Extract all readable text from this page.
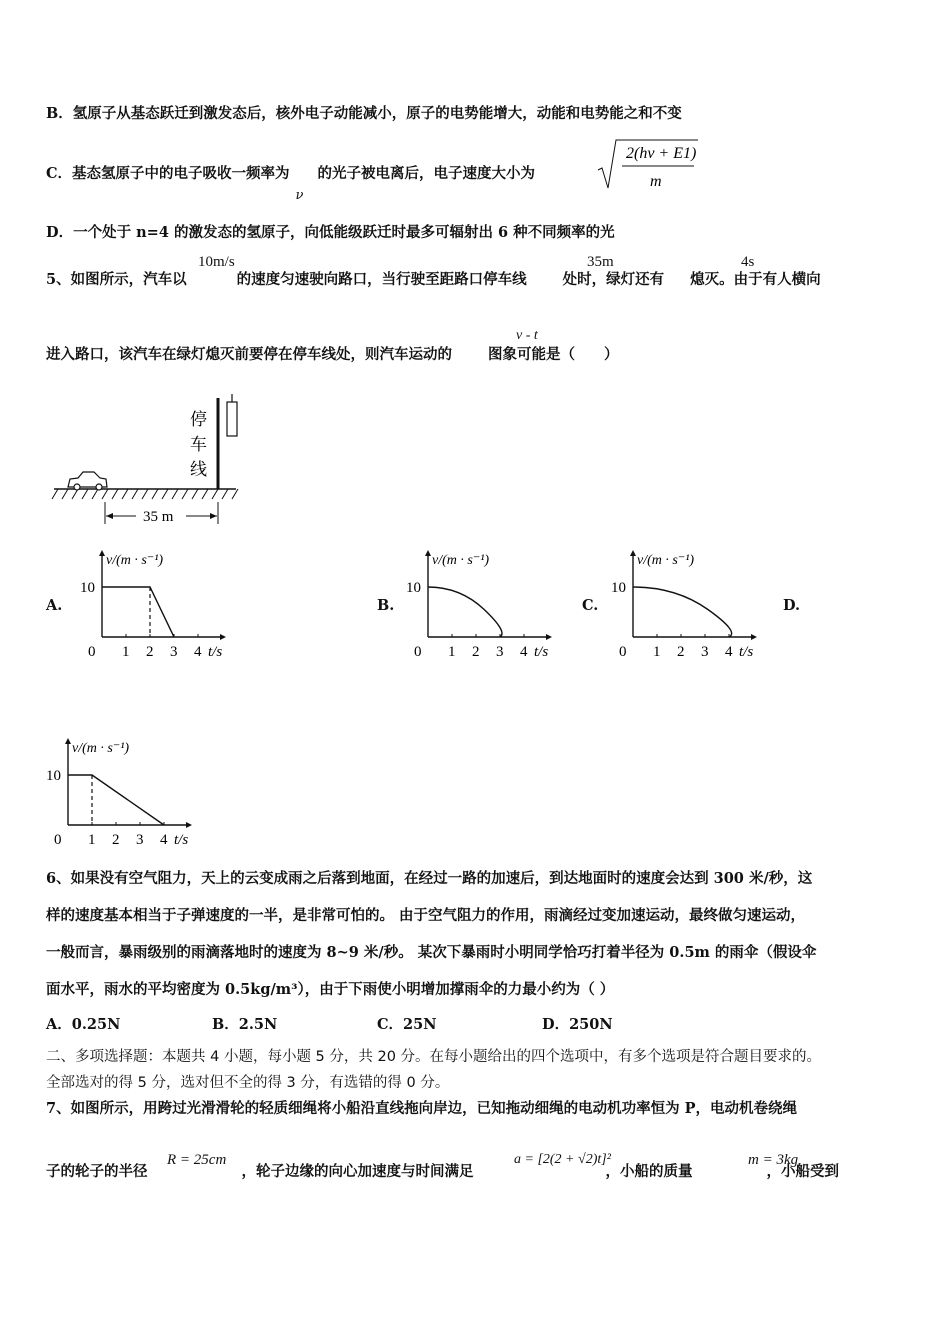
B．氢原子从基态跃迁到激发态后，核外电子动能减小，原子的电势能增大，动能和电势能之和不变
C．基态氢原子中的电子吸收一频率为
ν
的光子被电离后，电子速度大小为
2(hν + E1)
m
D．一个处于 n=4 的激发态的氢原子，向低能级跃迁时最多可辐射出 6 种不同频率的光
5、如图所示，汽车以	的速度匀速驶向路口，当行驶至距路口停车线 处时，绿灯还有 熄灭。由于有人横向
10m/s	35m	4s
进入路口，该汽车在绿灯熄灭前要停在停车线处，则汽车运动的 图象可能是（　　）
v - t
停
车
线
35 m
A.	B.	C.	D.
v/(m · s⁻¹)
10
0 1 2 3 4 t/s
v/(m · s⁻¹)
10
0 1 2 3 4 t/s
v/(m · s⁻¹)
10
0 1 2 3 4 t/s
v/(m · s⁻¹)
10
0 1 2 3 4 t/s
6、如果没有空气阻力，天上的云变成雨之后落到地面，在经过一路的加速后，到达地面时的速度会达到 300 米/秒，这
样的速度基本相当于子弹速度的一半，是非常可怕的。 由于空气阻力的作用，雨滴经过变加速运动，最终做匀速运动，
一般而言，暴雨级别的雨滴落地时的速度为 8~9 米/秒。 某次下暴雨时小明同学恰巧打着半径为 0.5m 的雨伞（假设伞
面水平，雨水的平均密度为 0.5kg/m³），由于下雨使小明增加撑雨伞的力最小约为（ ）
A．0.25N	B．2.5N	C．25N	D．250N
二、多项选择题：本题共 4 小题，每小题 5 分，共 20 分。在每小题给出的四个选项中，有多个选项是符合题目要求的。
全部选对的得 5 分，选对但不全的得 3 分，有选错的得 0 分。
7、如图所示，用跨过光滑滑轮的轻质细绳将小船沿直线拖向岸边，已知拖动细绳的电动机功率恒为 P，电动机卷绕绳
子的轮子的半径	，轮子边缘的向心加速度与时间满足	，小船的质量	，小船受到
R = 25cm	a = [2(2 + √2)t]²	m = 3kg
